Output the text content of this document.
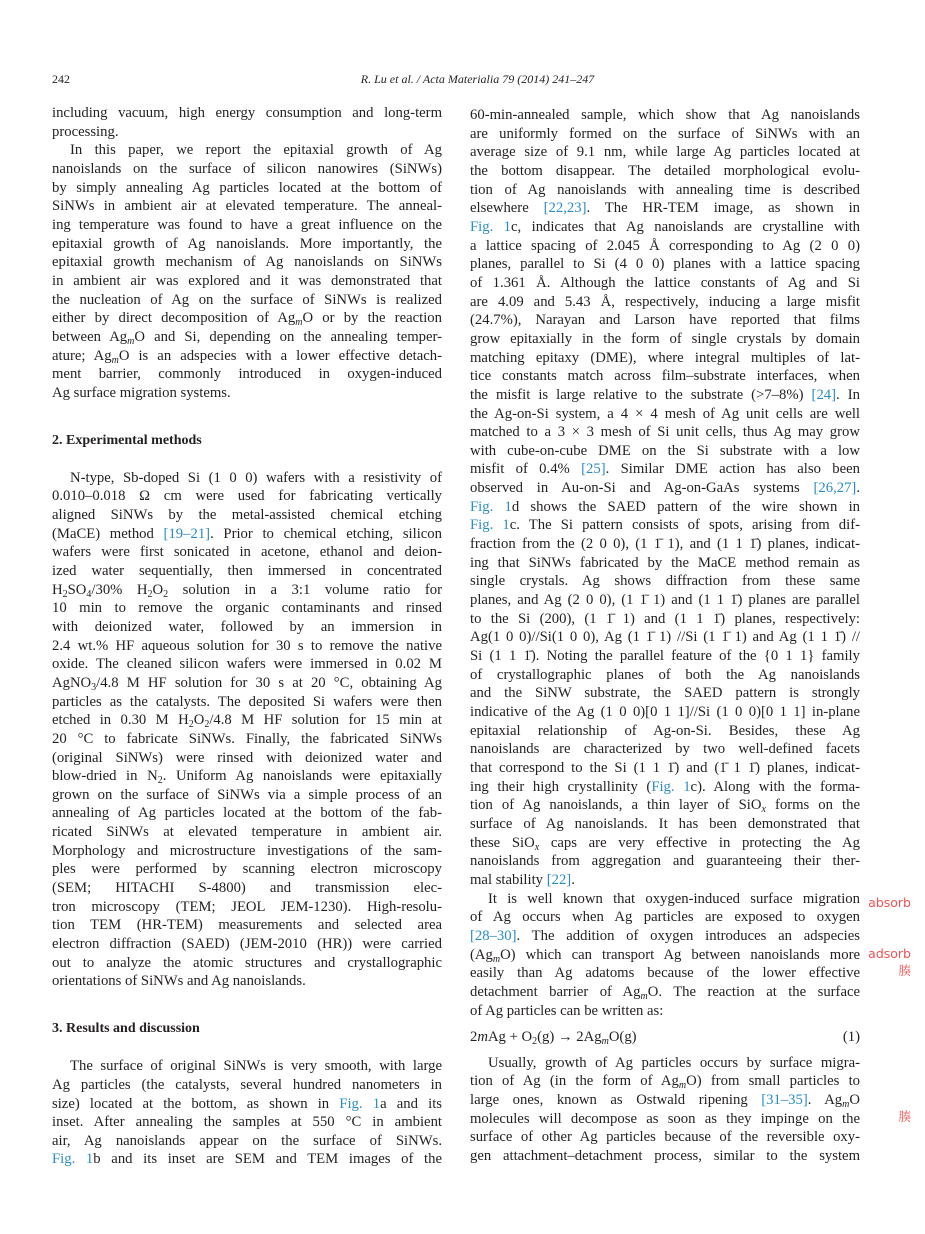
242	R. Lu et al. / Acta Materialia 79 (2014) 241–247
including vacuum, high energy consumption and long-term
processing.
In this paper, we report the epitaxial growth of Ag
nanoislands on the surface of silicon nanowires (SiNWs)
by simply annealing Ag particles located at the bottom of
SiNWs in ambient air at elevated temperature. The anneal-
ing temperature was found to have a great influence on the
epitaxial growth of Ag nanoislands. More importantly, the
epitaxial growth mechanism of Ag nanoislands on SiNWs
in ambient air was explored and it was demonstrated that
the nucleation of Ag on the surface of SiNWs is realized
either by direct decomposition of $Ag_mO$ or by the reaction
between $Ag_mO$ and Si, depending on the annealing temper-
ature; $Ag_mO$ is an adspecies with a lower effective detach-
ment barrier, commonly introduced in oxygen-induced
Ag surface migration systems.
2. Experimental methods
N-type, Sb-doped Si (1 0 0) wafers with a resistivity of
0.010–0.018 Ω cm were used for fabricating vertically
aligned SiNWs by the metal-assisted chemical etching
(MaCE) method [19–21]. Prior to chemical etching, silicon
wafers were first sonicated in acetone, ethanol and deion-
ized water sequentially, then immersed in concentrated
$H_2SO_4/30\%$ $H_2O_2$ solution in a 3:1 volume ratio for
10 min to remove the organic contaminants and rinsed
with deionized water, followed by an immersion in
2.4 wt.% HF aqueous solution for 30 s to remove the native
oxide. The cleaned silicon wafers were immersed in 0.02 M
AgNO$_3$/4.8 M HF solution for 30 s at 20 °C, obtaining Ag
particles as the catalysts. The deposited Si wafers were then
etched in 0.30 M $H_2O_2/4.8$ M HF solution for 15 min at
20 °C to fabricate SiNWs. Finally, the fabricated SiNWs
(original SiNWs) were rinsed with deionized water and
blow-dried in $N_2$. Uniform Ag nanoislands were epitaxially
grown on the surface of SiNWs via a simple process of an
annealing of Ag particles located at the bottom of the fab-
ricated SiNWs at elevated temperature in ambient air.
Morphology and microstructure investigations of the sam-
ples were performed by scanning electron microscopy
(SEM; HITACHI S-4800) and transmission elec-
tron microscopy (TEM; JEOL JEM-1230). High-resolu-
tion TEM (HR-TEM) measurements and selected area
electron diffraction (SAED) (JEM-2010 (HR)) were carried
out to analyze the atomic structures and crystallographic
orientations of SiNWs and Ag nanoislands.
3. Results and discussion
The surface of original SiNWs is very smooth, with large
Ag particles (the catalysts, several hundred nanometers in
size) located at the bottom, as shown in Fig. 1a and its
inset. After annealing the samples at 550 °C in ambient
air, Ag nanoislands appear on the surface of SiNWs.
Fig. 1b and its inset are SEM and TEM images of the
60-min-annealed sample, which show that Ag nanoislands
are uniformly formed on the surface of SiNWs with an
average size of 9.1 nm, while large Ag particles located at
the bottom disappear. The detailed morphological evolu-
tion of Ag nanoislands with annealing time is described
elsewhere [22,23]. The HR-TEM image, as shown in
Fig. 1c, indicates that Ag nanoislands are crystalline with
a lattice spacing of 2.045 Å corresponding to Ag (2 0 0)
planes, parallel to Si (4 0 0) planes with a lattice spacing
of 1.361 Å. Although the lattice constants of Ag and Si
are 4.09 and 5.43 Å, respectively, inducing a large misfit
(24.7%), Narayan and Larson have reported that films
grow epitaxially in the form of single crystals by domain
matching epitaxy (DME), where integral multiples of lat-
tice constants match across film–substrate interfaces, when
the misfit is large relative to the substrate (>7–8%) [24]. In
the Ag-on-Si system, a 4 × 4 mesh of Ag unit cells are well
matched to a 3 × 3 mesh of Si unit cells, thus Ag may grow
with cube-on-cube DME on the Si substrate with a low
misfit of 0.4% [25]. Similar DME action has also been
observed in Au-on-Si and Ag-on-GaAs systems [26,27].
Fig. 1d shows the SAED pattern of the wire shown in
Fig. 1c. The Si pattern consists of spots, arising from dif-
fraction from the (2 0 0), (1 1̄ 1), and (1 1 1̄) planes, indicat-
ing that SiNWs fabricated by the MaCE method remain as
single crystals. Ag shows diffraction from these same
planes, and Ag (2 0 0), (1 1̄ 1) and (1 1 1̄) planes are parallel
to the Si (200), (1 1̄ 1) and (1 1 1̄) planes, respectively:
Ag(1 0 0)//Si(1 0 0), Ag (1 1̄ 1) //Si (1 1̄ 1) and Ag (1 1 1̄) //
Si (1 1 1̄). Noting the parallel feature of the {0 1 1} family
of crystallographic planes of both the Ag nanoislands
and the SiNW substrate, the SAED pattern is strongly
indicative of the Ag (1 0 0)[0 1 1]//Si (1 0 0)[0 1 1] in-plane
epitaxial relationship of Ag-on-Si. Besides, these Ag
nanoislands are characterized by two well-defined facets
that correspond to the Si (1 1 1̄) and (1̄ 1 1̄) planes, indicat-
ing their high crystallinity (Fig. 1c). Along with the forma-
tion of Ag nanoislands, a thin layer of SiO$_x$ forms on the
surface of Ag nanoislands. It has been demonstrated that
these SiO$_x$ caps are very effective in protecting the Ag
nanoislands from aggregation and guaranteeing their ther-
mal stability [22].
It is well known that oxygen-induced surface migration
of Ag occurs when Ag particles are exposed to oxygen
[28–30]. The addition of oxygen introduces an adspecies
$(Ag_mO)$ which can transport Ag between nanoislands more
easily than Ag adatoms because of the lower effective
detachment barrier of $Ag_mO$. The reaction at the surface
of Ag particles can be written as:
$2mAg + O_2(g) \to 2Ag_mO(g)$	(1)
Usually, growth of Ag particles occurs by surface migra-
tion of Ag (in the form of $Ag_mO$) from small particles to
large ones, known as Ostwald ripening [31–35]. $Ag_mO$
molecules will decompose as soon as they impinge on the
surface of other Ag particles because of the reversible oxy-
gen attachment–detachment process, similar to the system
absorb
adsorb
腠
腠
